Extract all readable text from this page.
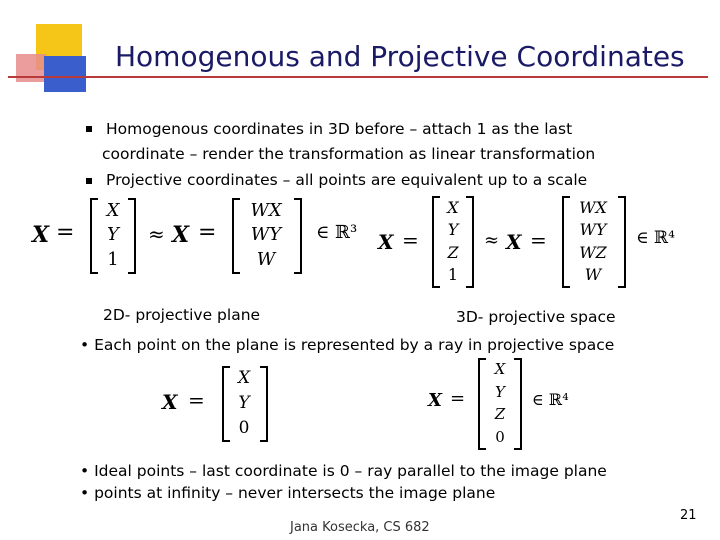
Homogenous and Projective Coordinates
Homogenous coordinates in 3D before – attach 1 as the last
coordinate – render the transformation as linear transformation
Projective coordinates – all points are equivalent up to a scale
X =
X
Y
1
≈ X =
WX
WY
W
∈ ℝ³ X =
X
Y
Z
1
≈ X =
WX
WY
WZ
W
∈ ℝ⁴
2D- projective plane	3D- projective space
• Each point on the plane is represented by a ray in projective space
X =
X
Y
0
X =
X
Y
Z
0
∈ ℝ⁴
• Ideal points – last coordinate is 0 – ray parallel to the image plane
• points at infinity – never intersects the image plane
Jana Kosecka, CS 682
21
